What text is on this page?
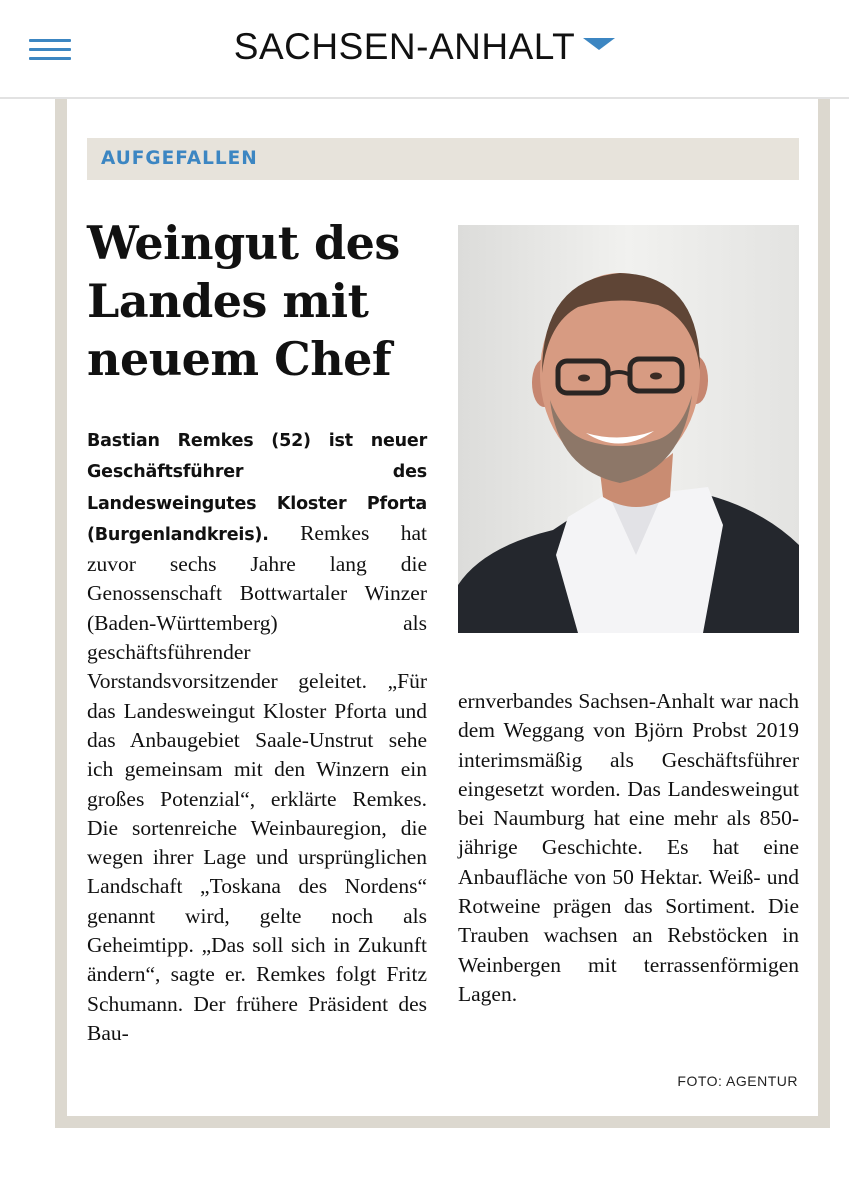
SACHSEN-ANHALT
AUFGEFALLEN
Weingut des Landes mit neuem Chef
Bastian Remkes (52) ist neuer Geschäftsführer des Landesweingutes Kloster Pforta (Burgenlandkreis). Remkes hat zuvor sechs Jahre lang die Genossenschaft Bottwartaler Winzer (Baden-Württemberg) als geschäftsführender Vorstandsvorsitzender geleitet. „Für das Landesweingut Kloster Pforta und das Anbaugebiet Saale-Unstrut sehe ich gemeinsam mit den Winzern ein großes Potenzial“, erklärte Remkes. Die sortenreiche Weinbauregion, die wegen ihrer Lage und ursprünglichen Landschaft „Toskana des Nordens“ genannt wird, gelte noch als Geheimtipp. „Das soll sich in Zukunft ändern“, sagte er. Remkes folgt Fritz Schumann. Der frühere Präsident des Bau-
ernverbandes Sachsen-Anhalt war nach dem Weggang von Björn Probst 2019 interimsmäßig als Geschäftsführer eingesetzt worden. Das Landesweingut bei Naumburg hat eine mehr als 850-jährige Geschichte. Es hat eine Anbaufläche von 50 Hektar. Weiß- und Rotweine prägen das Sortiment. Die Trauben wachsen an Rebstöcken in Weinbergen mit terrassenförmigen Lagen.
FOTO: AGENTUR
